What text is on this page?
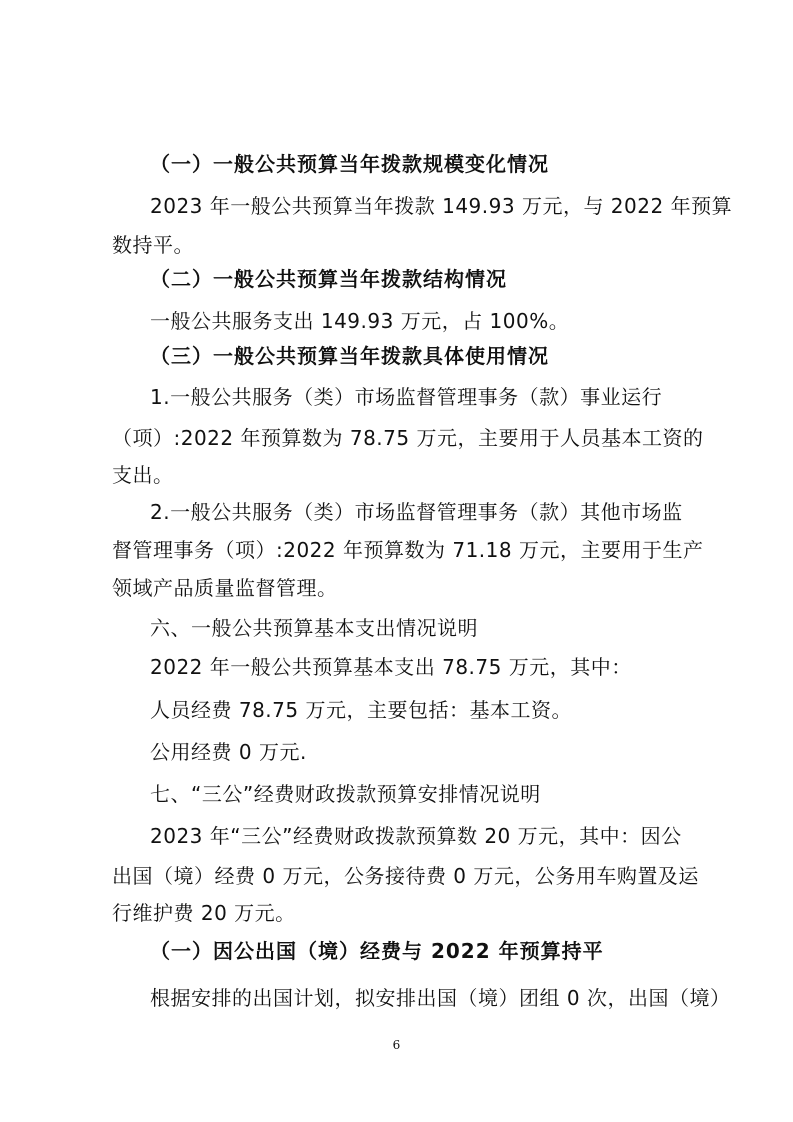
（一）一般公共预算当年拨款规模变化情况
2023 年一般公共预算当年拨款 149.93 万元，与 2022 年预算
数持平。
（二）一般公共预算当年拨款结构情况
一般公共服务支出 149.93 万元，占 100%。
（三）一般公共预算当年拨款具体使用情况
1.一般公共服务（类）市场监督管理事务（款）事业运行
（项）:2022 年预算数为 78.75 万元，主要用于人员基本工资的
支出。
2.一般公共服务（类）市场监督管理事务（款）其他市场监
督管理事务（项）:2022 年预算数为 71.18 万元，主要用于生产
领域产品质量监督管理。
六、一般公共预算基本支出情况说明
2022 年一般公共预算基本支出 78.75 万元，其中：
人员经费 78.75 万元，主要包括：基本工资。
公用经费 0 万元.
七、“三公”经费财政拨款预算安排情况说明
2023 年“三公”经费财政拨款预算数 20 万元，其中：因公
出国（境）经费 0 万元，公务接待费 0 万元，公务用车购置及运
行维护费 20 万元。
（一）因公出国（境）经费与 2022 年预算持平
根据安排的出国计划，拟安排出国（境）团组 0 次，出国（境）
6
